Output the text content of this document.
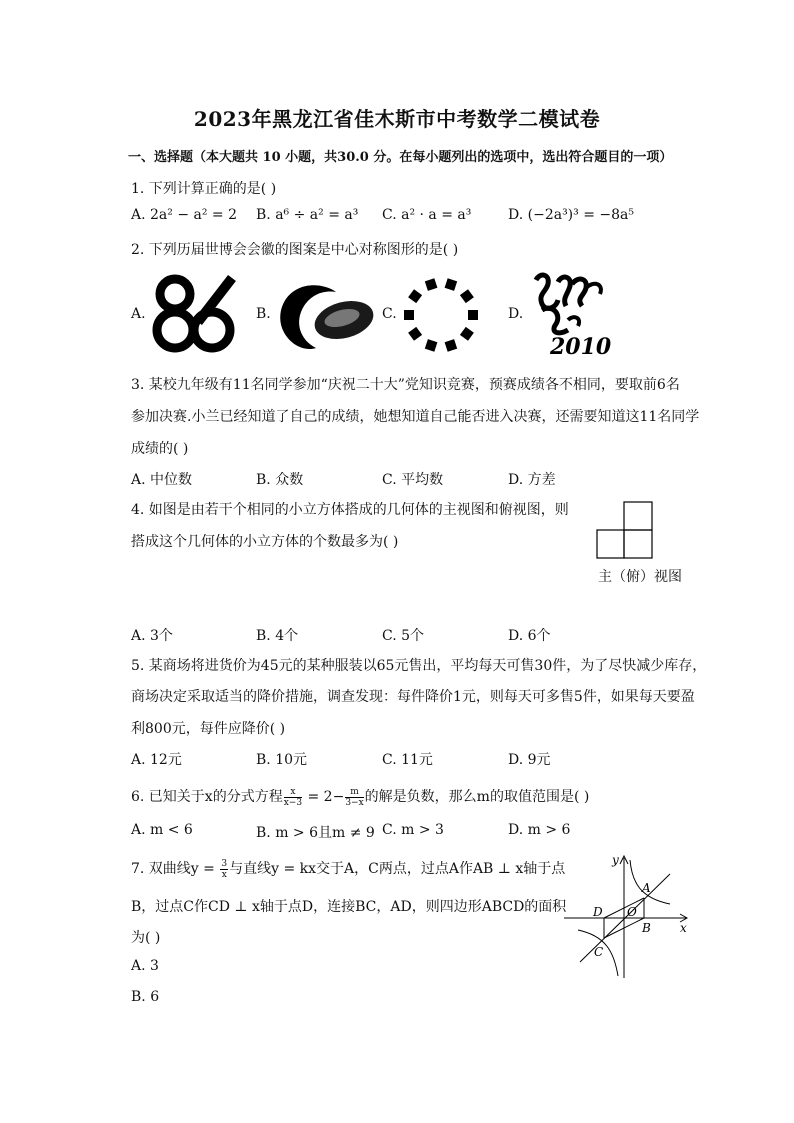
2023年黑龙江省佳木斯市中考数学二模试卷
一、选择题（本大题共 10 小题，共30.0 分。在每小题列出的选项中，选出符合题目的一项）
1. 下列计算正确的是( )
A. 2a² − a² = 2 B. a⁶ ÷ a² = a³ C. a² · a = a³	D. (−2a³)³ = −8a⁵
2. 下列历届世博会会徽的图案是中心对称图形的是( )
A.	B.	C.	D.
2010
3. 某校九年级有11名同学参加“庆祝二十大”党知识竞赛，预赛成绩各不相同，要取前6名
参加决赛.小兰已经知道了自己的成绩，她想知道自己能否进入决赛，还需要知道这11名同学
成绩的( )
A. 中位数	B. 众数	C. 平均数	D. 方差
4. 如图是由若干个相同的小立方体搭成的几何体的主视图和俯视图，则
搭成这个几何体的小立方体的个数最多为( )
主（俯）视图
A. 3个	B. 4个	C. 5个	D. 6个
5. 某商场将进货价为45元的某种服装以65元售出，平均每天可售30件，为了尽快减少库存，
商场决定采取适当的降价措施，调查发现：每件降价1元，则每天可多售5件，如果每天要盈
利800元，每件应降价( )
A. 12元	B. 10元	C. 11元	D. 9元
6. 已知关于x的分式方程 $\frac{x}{x-3} = 2- \frac{m}{3-x}$ 的解是负数，那么m的取值范围是( )
A. m < 6	B. m > 6且m ≠ 9 C. m > 3	D. m > 6
7. 双曲线$y = \frac{3}{x}$ 与直线y = kx交于A，C两点，过点A作AB ⊥ x轴于点
B，过点C作CD ⊥ x轴于点D，连接BC，AD，则四边形ABCD的面积
为( )
A. 3
B. 6
y
x
A
B
C
D O
